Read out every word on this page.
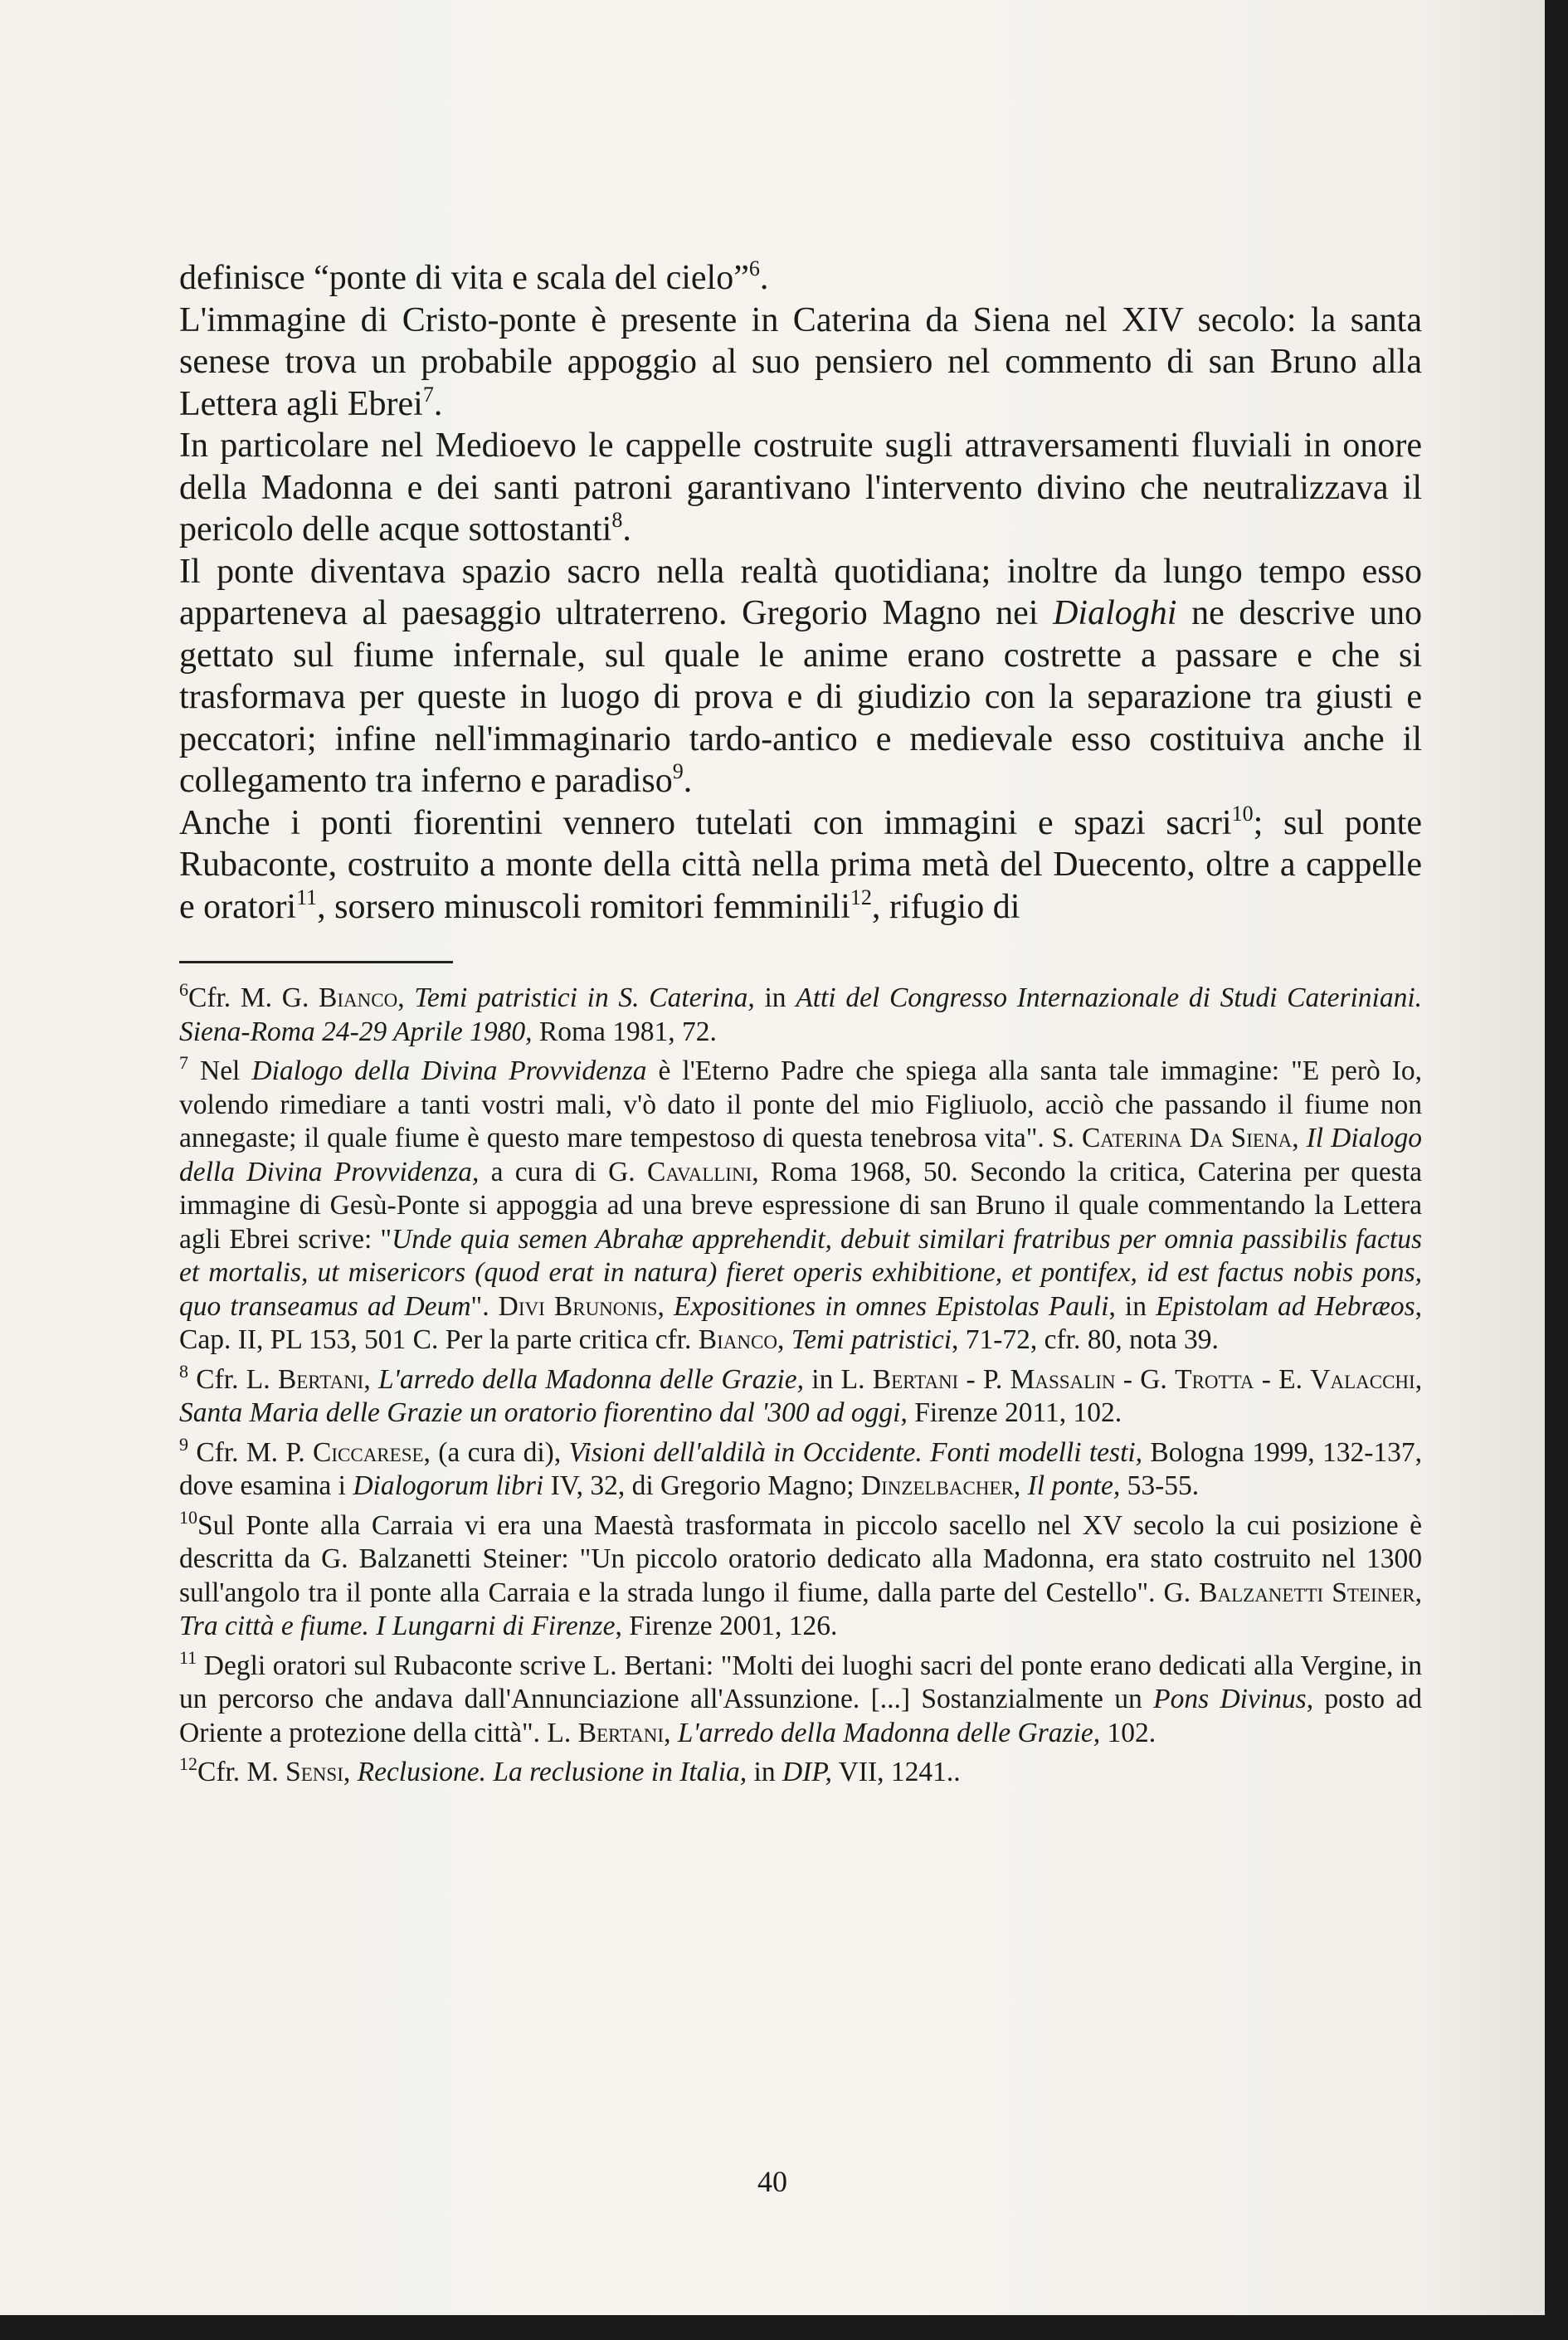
definisce “ponte di vita e scala del cielo”$^6$.

L'immagine di Cristo-ponte è presente in Caterina da Siena nel XIV secolo: la santa senese trova un probabile appoggio al suo pensiero nel commento di san Bruno alla Lettera agli Ebrei$^7$.

In particolare nel Medioevo le cappelle costruite sugli attraversamenti fluviali in onore della Madonna e dei santi patroni garantivano l'intervento divino che neutralizzava il pericolo delle acque sottostanti$^8$.

Il ponte diventava spazio sacro nella realtà quotidiana; inoltre da lungo tempo esso apparteneva al paesaggio ultraterreno. Gregorio Magno nei Dialoghi ne descrive uno gettato sul fiume infernale, sul quale le anime erano costrette a passare e che si trasformava per queste in luogo di prova e di giudizio con la separazione tra giusti e peccatori; infine nell'immaginario tardo-antico e medievale esso costituiva anche il collegamento tra inferno e paradiso$^9$.

Anche i ponti fiorentini vennero tutelati con immagini e spazi sacri$^{10}$; sul ponte Rubaconte, costruito a monte della città nella prima metà del Duecento, oltre a cappelle e oratori$^{11}$, sorsero minuscoli romitori femminili$^{12}$, rifugio di

$^6$Cfr. M. G. Bianco, Temi patristici in S. Caterina, in Atti del Congresso Internazionale di Studi Cateriniani. Siena-Roma 24-29 Aprile 1980, Roma 1981, 72.

$^7$ Nel Dialogo della Divina Provvidenza è l'Eterno Padre che spiega alla santa tale immagine: "E però Io, volendo rimediare a tanti vostri mali, v'ò dato il ponte del mio Figliuolo, acciò che passando il fiume non annegaste; il quale fiume è questo mare tempestoso di questa tenebrosa vita". S. Caterina Da Siena, Il Dialogo della Divina Provvidenza, a cura di G. Cavallini, Roma 1968, 50. Secondo la critica, Caterina per questa immagine di Gesù-Ponte si appoggia ad una breve espressione di san Bruno il quale commentando la Lettera agli Ebrei scrive: "Unde quia semen Abrahæ apprehendit, debuit similari fratribus per omnia passibilis factus et mortalis, ut misericors (quod erat in natura) fieret operis exhibitione, et pontifex, id est factus nobis pons, quo transeamus ad Deum". Divi Brunonis, Expositiones in omnes Epistolas Pauli, in Epistolam ad Hebræos, Cap. II, PL 153, 501 C. Per la parte critica cfr. Bianco, Temi patristici, 71-72, cfr. 80, nota 39.

$^8$ Cfr. L. Bertani, L'arredo della Madonna delle Grazie, in L. Bertani - P. Massalin - G. Trotta - E. Valacchi, Santa Maria delle Grazie un oratorio fiorentino dal '300 ad oggi, Firenze 2011, 102.

$^9$ Cfr. M. P. Ciccarese, (a cura di), Visioni dell'aldilà in Occidente. Fonti modelli testi, Bologna 1999, 132-137, dove esamina i Dialogorum libri IV, 32, di Gregorio Magno; Dinzelbacher, Il ponte, 53-55.

$^{10}$Sul Ponte alla Carraia vi era una Maestà trasformata in piccolo sacello nel XV secolo la cui posizione è descritta da G. Balzanetti Steiner: "Un piccolo oratorio dedicato alla Madonna, era stato costruito nel 1300 sull'angolo tra il ponte alla Carraia e la strada lungo il fiume, dalla parte del Cestello". G. Balzanetti Steiner, Tra città e fiume. I Lungarni di Firenze, Firenze 2001, 126.

$^{11}$ Degli oratori sul Rubaconte scrive L. Bertani: "Molti dei luoghi sacri del ponte erano dedicati alla Vergine, in un percorso che andava dall'Annunciazione all'Assunzione. [...] Sostanzialmente un Pons Divinus, posto ad Oriente a protezione della città". L. Bertani, L'arredo della Madonna delle Grazie, 102.

$^{12}$Cfr. M. Sensi, Reclusione. La reclusione in Italia, in DIP, VII, 1241..

40
